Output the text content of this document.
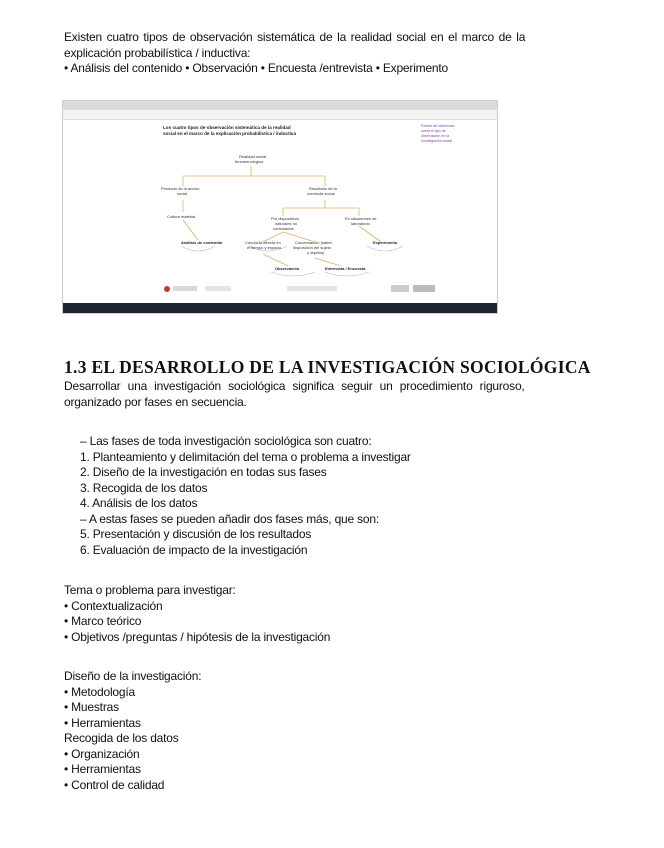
Existen cuatro tipos de observación sistemática de la realidad social en el marco de la
explicación probabilística / inductiva:
• Análisis del contenido • Observación • Encuesta /entrevista • Experimento
Los cuatro tipos de observación sistemática de la realidad
social en el marco de la explicación probabilística / inductiva
Fuente de referencia
sobre el tipo de
observación en la
investigación social
Realidad social
fenomenológica
Producto de la acción
social
Resultado de la
conducta social
Cultura material	Por dispositivos
naturales no
controlados
En situaciones de
laboratorio
Análisis de contenido	Conducta directa en
el tiempo y espacio
Conversación (saber,
disposición del sujeto
y objetos)
Experimento
Observación	Entrevista / Encuesta
1.3 EL DESARROLLO DE LA INVESTIGACIÓN SOCIOLÓGICA
Desarrollar una investigación sociológica significa seguir un procedimiento riguroso,
organizado por fases en secuencia.
– Las fases de toda investigación sociológica son cuatro:
1. Planteamiento y delimitación del tema o problema a investigar
2. Diseño de la investigación en todas sus fases
3. Recogida de los datos
4. Análisis de los datos
– A estas fases se pueden añadir dos fases más, que son:
5. Presentación y discusión de los resultados
6. Evaluación de impacto de la investigación
Tema o problema para investigar:
• Contextualización
• Marco teórico
• Objetivos /preguntas / hipótesis de la investigación
Diseño de la investigación:
• Metodología
• Muestras
• Herramientas
Recogida de los datos
• Organización
• Herramientas
• Control de calidad
